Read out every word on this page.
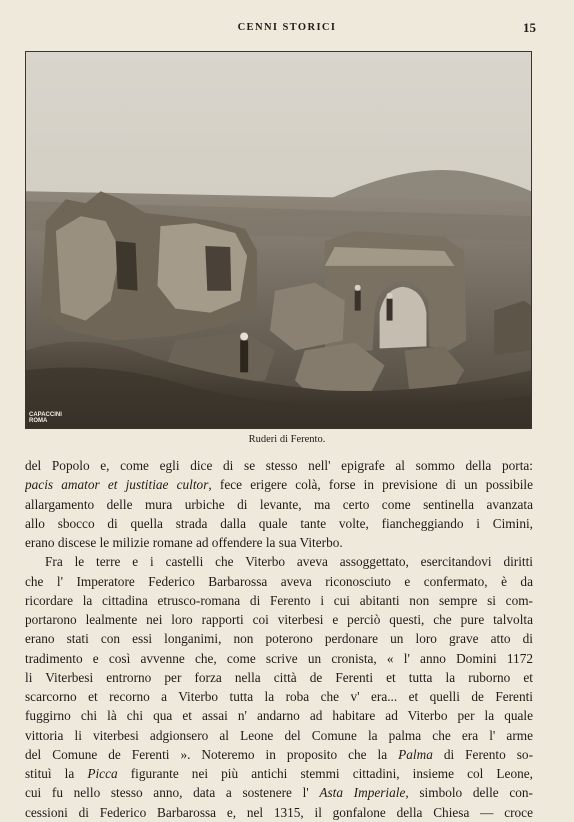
CENNI STORICI	15
CAPACCINI
ROMA
Ruderi di Ferento.
del Popolo e, come egli dice di se stesso nell' epigrafe al sommo della porta:
pacis amator et justitiae cultor, fece erigere colà, forse in previsione di un possibile
allargamento delle mura urbiche di levante, ma certo come sentinella avanzata
allo sbocco di quella strada dalla quale tante volte, fiancheggiando i Cimini,
erano discese le milizie romane ad offendere la sua Viterbo.
Fra le terre e i castelli che Viterbo aveva assoggettato, esercitandovi diritti
che l' Imperatore Federico Barbarossa aveva riconosciuto e confermato, è da
ricordare la cittadina etrusco-romana di Ferento i cui abitanti non sempre si com-
portarono lealmente nei loro rapporti coi viterbesi e perciò questi, che pure talvolta
erano stati con essi longanimi, non poterono perdonare un loro grave atto di
tradimento e così avvenne che, come scrive un cronista, « l' anno Domini 1172
li Viterbesi entrorno per forza nella città de Ferenti et tutta la ruborno et
scarcorno et recorno a Viterbo tutta la roba che v' era... et quelli de Ferenti
fuggirno chi là chi qua et assai n' andarno ad habitare ad Viterbo per la quale
vittoria li viterbesi adgionsero al Leone del Comune la palma che era l' arme
del Comune de Ferenti ». Noteremo in proposito che la Palma di Ferento so-
stituì la Picca figurante nei più antichi stemmi cittadini, insieme col Leone,
cui fu nello stesso anno, data a sostenere l' Asta Imperiale, simbolo delle con-
cessioni di Federico Barbarossa e, nel 1315, il gonfalone della Chiesa — croce
